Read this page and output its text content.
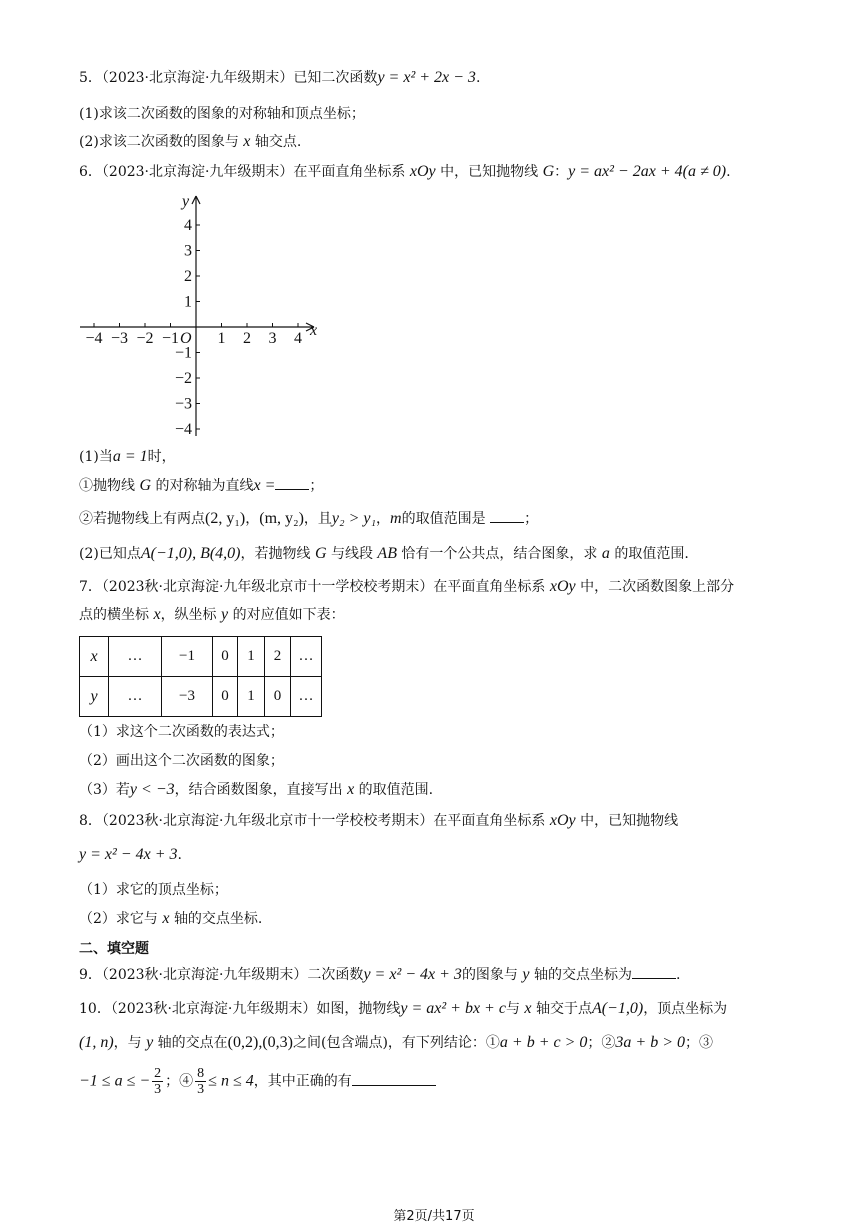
5．（2023·北京海淀·九年级期末）已知二次函数y = x² + 2x − 3.
(1)求该二次函数的图象的对称轴和顶点坐标；
(2)求该二次函数的图象与 x 轴交点.
6．（2023·北京海淀·九年级期末）在平面直角坐标系 xOy 中，已知抛物线 G：y = ax² − 2ax + 4(a ≠ 0).
−4 −3 −2 −1 1 2 3 4
4
3
2
1
−1
−2
−3
−4
O
y
x
(1)当a = 1时，
①抛物线 G 的对称轴为直线x = ；
②若抛物线上有两点(2, y₁)，(m, y₂)，且y₂ > y₁，m的取值范围是	；
(2)已知点A(−1,0), B(4,0)，若抛物线 G 与线段 AB 恰有一个公共点，结合图象，求 a 的取值范围.
7．（2023秋·北京海淀·九年级北京市十一学校校考期末）在平面直角坐标系 xOy 中，二次函数图象上部分
点的横坐标 x，纵坐标 y 的对应值如下表：
x	…	−1	0	1	2	…
y	…	−3	0	1	0	…
（1）求这个二次函数的表达式；
（2）画出这个二次函数的图象；
（3）若y < −3，结合函数图象，直接写出 x 的取值范围.
8．（2023秋·北京海淀·九年级北京市十一学校校考期末）在平面直角坐标系 xOy 中，已知抛物线
y = x² − 4x + 3.
（1）求它的顶点坐标；
（2）求它与 x 轴的交点坐标.
二、填空题
9．（2023秋·北京海淀·九年级期末）二次函数y = x² − 4x + 3的图象与 y 轴的交点坐标为	.
10．（2023秋·北京海淀·九年级期末）如图，抛物线y = ax² + bx + c与 x 轴交于点A(−1,0)，顶点坐标为
(1, n)，与 y 轴的交点在(0,2),(0,3)之间(包含端点)，有下列结论：①a + b + c > 0；②3a + b > 0；③
−1 ≤ a ≤ − $\frac{2}{3}$ ；④ $\frac{8}{3} \le n \le 4$，其中正确的有
第2页/共17页
